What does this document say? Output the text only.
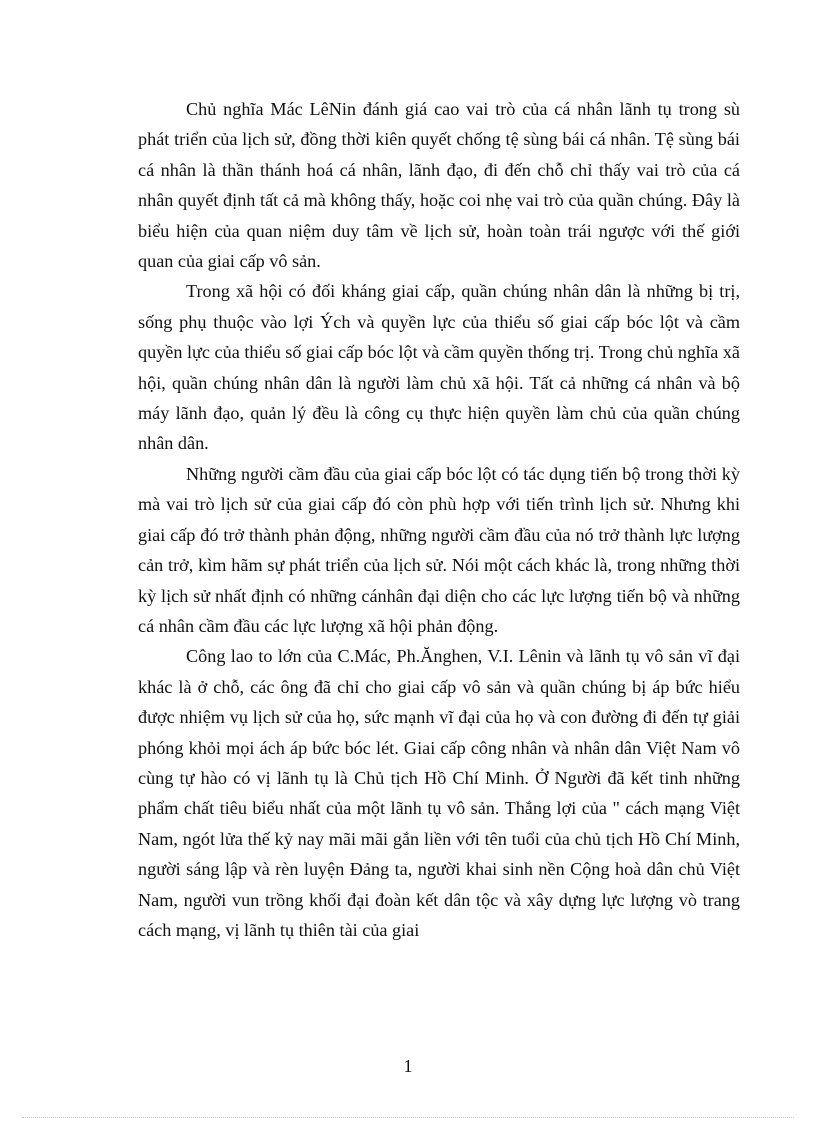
Chủ nghĩa Mác LêNin đánh giá cao vai trò của cá nhân lãnh tụ trong sù phát triển của lịch sử, đồng thời kiên quyết chống tệ sùng bái cá nhân. Tệ sùng bái cá nhân là thần thánh hoá cá nhân, lãnh đạo, đi đến chỗ chỉ thấy vai trò của cá nhân quyết định tất cả mà không thấy, hoặc coi nhẹ vai trò của quần chúng. Đây là biểu hiện của quan niệm duy tâm về lịch sử, hoàn toàn trái ngược với thế giới quan của giai cấp vô sản.

Trong xã hội có đối kháng giai cấp, quần chúng nhân dân là những bị trị, sống phụ thuộc vào lợi Ých và quyền lực của thiểu số giai cấp bóc lột và cầm quyền lực của thiểu số giai cấp bóc lột và cầm quyền thống trị. Trong chủ nghĩa xã hội, quần chúng nhân dân là người làm chủ xã hội. Tất cả những cá nhân và bộ máy lãnh đạo, quản lý đều là công cụ thực hiện quyền làm chủ của quần chúng nhân dân.

Những người cầm đầu của giai cấp bóc lột có tác dụng tiến bộ trong thời kỳ mà vai trò lịch sử của giai cấp đó còn phù hợp với tiến trình lịch sử. Nhưng khi giai cấp đó trở thành phản động, những người cầm đầu của nó trở thành lực lượng cản trở, kìm hãm sự phát triển của lịch sử. Nói một cách khác là, trong những thời kỳ lịch sử nhất định có những cánhân đại diện cho các lực lượng tiến bộ và những cá nhân cầm đầu các lực lượng xã hội phản động.

Công lao to lớn của C.Mác, Ph.Ănghen, V.I. Lênin và lãnh tụ vô sản vĩ đại khác là ở chỗ, các ông đã chỉ cho giai cấp vô sản và quần chúng bị áp bức hiểu được nhiệm vụ lịch sử của họ, sức mạnh vĩ đại của họ và con đường đi đến tự giải phóng khỏi mọi ách áp bức bóc lét. Giai cấp công nhân và nhân dân Việt Nam vô cùng tự hào có vị lãnh tụ là Chủ tịch Hồ Chí Minh. Ở Người đã kết tinh những phẩm chất tiêu biểu nhất của một lãnh tụ vô sản. Thắng lợi của " cách mạng Việt Nam, ngót lửa thế kỷ nay mãi mãi gắn liền với tên tuổi của chủ tịch Hồ Chí Minh, người sáng lập và rèn luyện Đảng ta, người khai sinh nền Cộng hoà dân chủ Việt Nam, người vun trồng khối đại đoàn kết dân tộc và xây dựng lực lượng vò trang cách mạng, vị lãnh tụ thiên tài của giai

1
